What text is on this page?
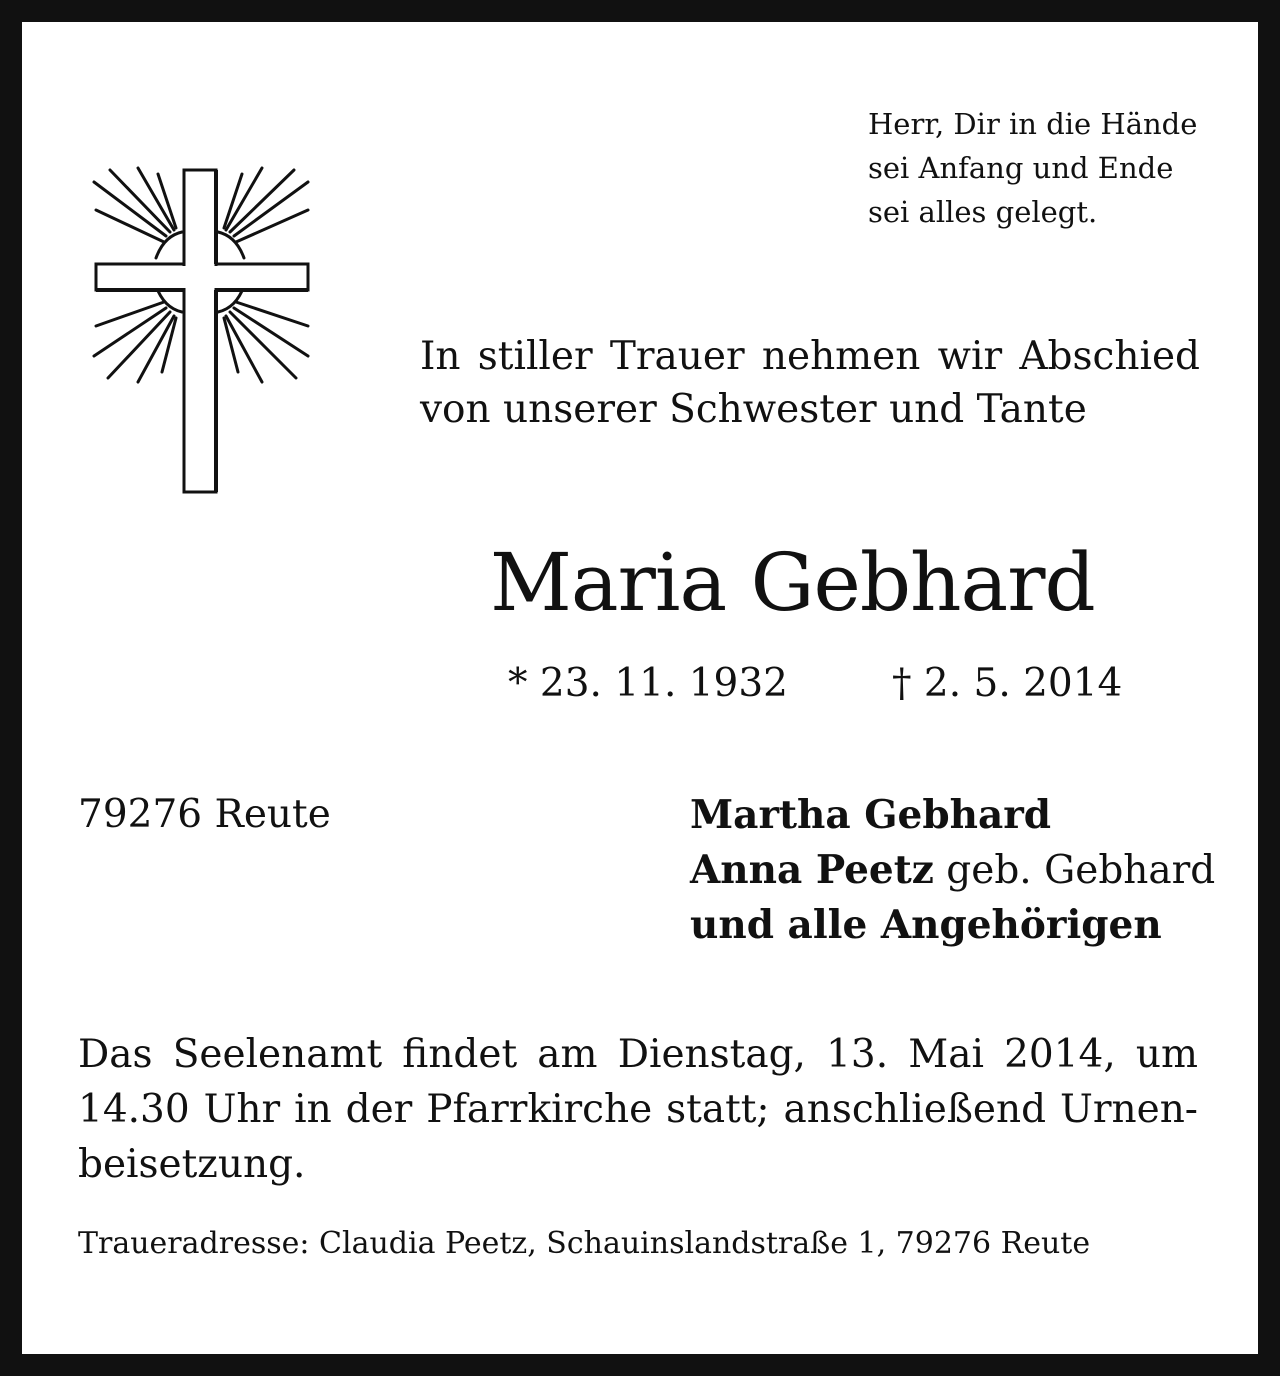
Herr, Dir in die Hände
sei Anfang und Ende
sei alles gelegt.
In stiller Trauer nehmen wir Abschied
von unserer Schwester und Tante
Maria Gebhard
* 23. 11. 1932	† 2. 5. 2014
79276 Reute	Martha Gebhard
Anna Peetz geb. Gebhard
und alle Angehörigen
Das Seelenamt findet am Dienstag, 13. Mai 2014, um
14.30 Uhr in der Pfarrkirche statt; anschließend Urnen-
beisetzung.
Traueradresse: Claudia Peetz, Schauinslandstraße 1, 79276 Reute
